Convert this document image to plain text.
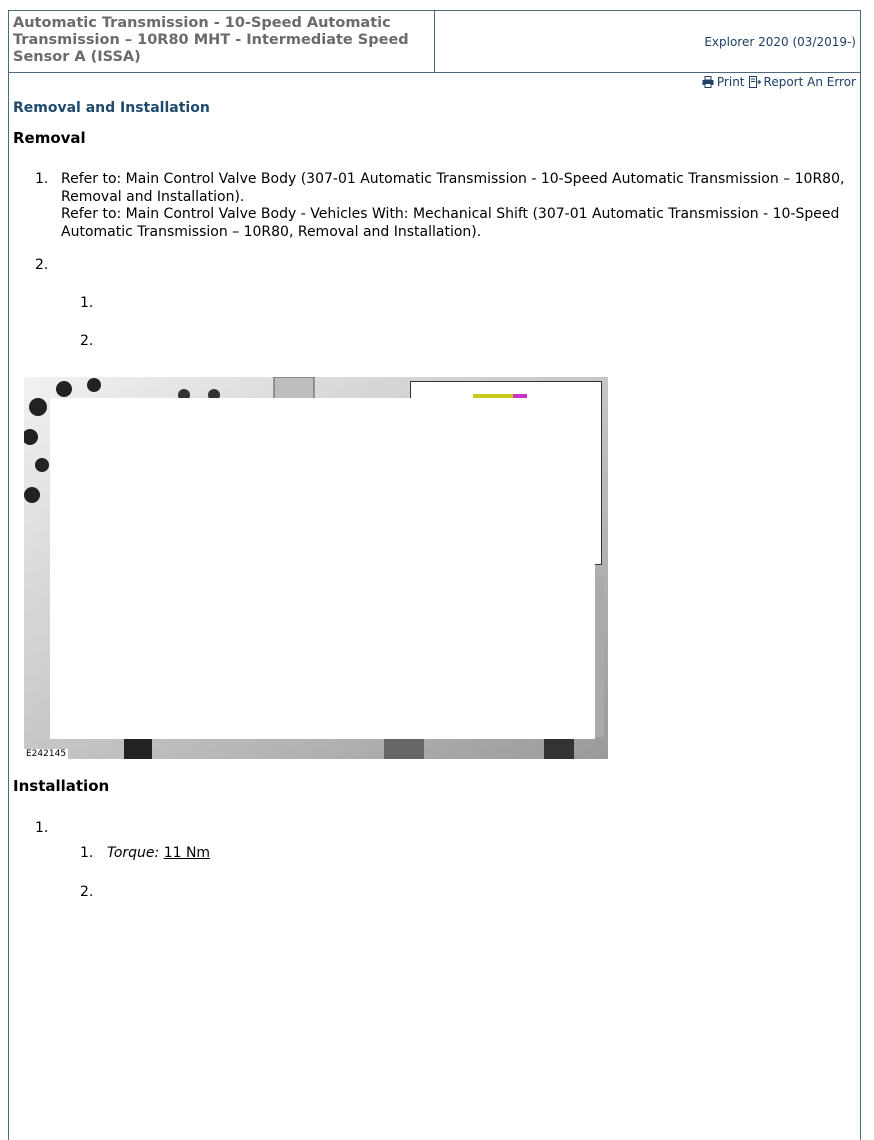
Automatic Transmission - 10-Speed Automatic Transmission – 10R80 MHT - Intermediate Speed Sensor A (ISSA)
Explorer 2020 (03/2019-)
Print Report An Error
Removal and Installation
Removal
1. Refer to: Main Control Valve Body (307-01 Automatic Transmission - 10-Speed Automatic Transmission – 10R80, Removal and Installation).

Refer to: Main Control Valve Body - Vehicles With: Mechanical Shift (307-01 Automatic Transmission - 10-Speed Automatic Transmission – 10R80, Removal and Installation).

2.
1.
2.
E242145
Installation
1.
1. Torque: 11 Nm
2.
